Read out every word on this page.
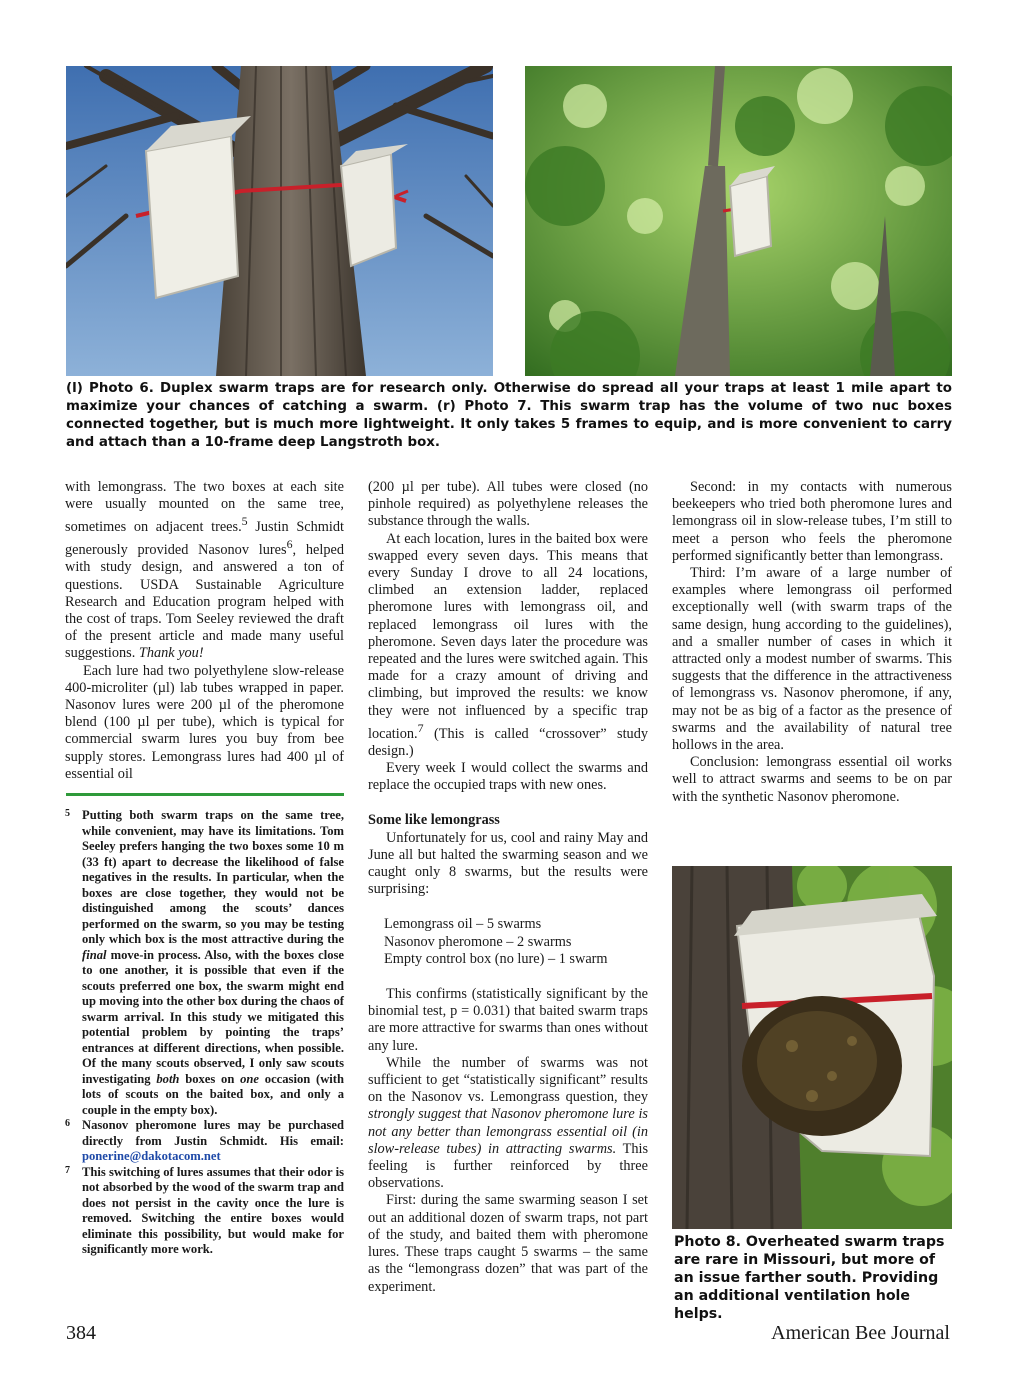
(l) Photo 6. Duplex swarm traps are for research only. Otherwise do spread all your traps at least 1 mile apart to maximize your chances of catching a swarm. (r) Photo 7. This swarm trap has the volume of two nuc boxes connected together, but is much more lightweight. It only takes 5 frames to equip, and is more convenient to carry and attach than a 10-frame deep Langstroth box.

with lemongrass. The two boxes at each site were usually mounted on the same tree, sometimes on adjacent trees.$^5$ Justin Schmidt generously provided Nasonov lures$^6$, helped with study design, and answered a ton of questions. USDA Sustainable Agriculture Research and Education program helped with the cost of traps. Tom Seeley reviewed the draft of the present article and made many useful suggestions. Thank you!

Each lure had two polyethylene slow-release 400-microliter (µl) lab tubes wrapped in paper. Nasonov lures were 200 µl of the pheromone blend (100 µl per tube), which is typical for commercial swarm lures you buy from bee supply stores. Lemongrass lures had 400 µl of essential oil

5 Putting both swarm traps on the same tree, while convenient, may have its limitations. Tom Seeley prefers hanging the two boxes some 10 m (33 ft) apart to decrease the likelihood of false negatives in the results. In particular, when the boxes are close together, they would not be distinguished among the scouts’ dances performed on the swarm, so you may be testing only which box is the most attractive during the final move-in process. Also, with the boxes close to one another, it is possible that even if the scouts preferred one box, the swarm might end up moving into the other box during the chaos of swarm arrival. In this study we mitigated this potential problem by pointing the traps’ entrances at different directions, when possible. Of the many scouts observed, I only saw scouts investigating both boxes on one occasion (with lots of scouts on the baited box, and only a couple in the empty box).

6 Nasonov pheromone lures may be purchased directly from Justin Schmidt. His email: ponerine@dakotacom.net

7 This switching of lures assumes that their odor is not absorbed by the wood of the swarm trap and does not persist in the cavity once the lure is removed. Switching the entire boxes would eliminate this possibility, but would make for significantly more work.

(200 µl per tube). All tubes were closed (no pinhole required) as polyethylene releases the substance through the walls.

At each location, lures in the baited box were swapped every seven days. This means that every Sunday I drove to all 24 locations, climbed an extension ladder, replaced pheromone lures with lemongrass oil, and replaced lemongrass oil lures with the pheromone. Seven days later the procedure was repeated and the lures were switched again. This made for a crazy amount of driving and climbing, but improved the results: we know they were not influenced by a specific trap location.$^7$ (This is called “crossover” study design.)

Every week I would collect the swarms and replace the occupied traps with new ones.

Some like lemongrass

Unfortunately for us, cool and rainy May and June all but halted the swarming season and we caught only 8 swarms, but the results were surprising:

Lemongrass oil – 5 swarms
Nasonov pheromone – 2 swarms
Empty control box (no lure) – 1 swarm

This confirms (statistically significant by the binomial test, p = 0.031) that baited swarm traps are more attractive for swarms than ones without any lure.

While the number of swarms was not sufficient to get “statistically significant” results on the Nasonov vs. Lemongrass question, they strongly suggest that Nasonov pheromone lure is not any better than lemongrass essential oil (in slow-release tubes) in attracting swarms. This feeling is further reinforced by three observations.

First: during the same swarming season I set out an additional dozen of swarm traps, not part of the study, and baited them with pheromone lures. These traps caught 5 swarms – the same as the “lemongrass dozen” that was part of the experiment.

Second: in my contacts with numerous beekeepers who tried both pheromone lures and lemongrass oil in slow-release tubes, I’m still to meet a person who feels the pheromone performed significantly better than lemongrass.

Third: I’m aware of a large number of examples where lemongrass oil performed exceptionally well (with swarm traps of the same design, hung according to the guidelines), and a smaller number of cases in which it attracted only a modest number of swarms. This suggests that the difference in the attractiveness of lemongrass vs. Nasonov pheromone, if any, may not be as big of a factor as the presence of swarms and the availability of natural tree hollows in the area.

Conclusion: lemongrass essential oil works well to attract swarms and seems to be on par with the synthetic Nasonov pheromone.

Photo 8. Overheated swarm traps are rare in Missouri, but more of an issue farther south. Providing an additional ventilation hole helps.

384	American Bee Journal
